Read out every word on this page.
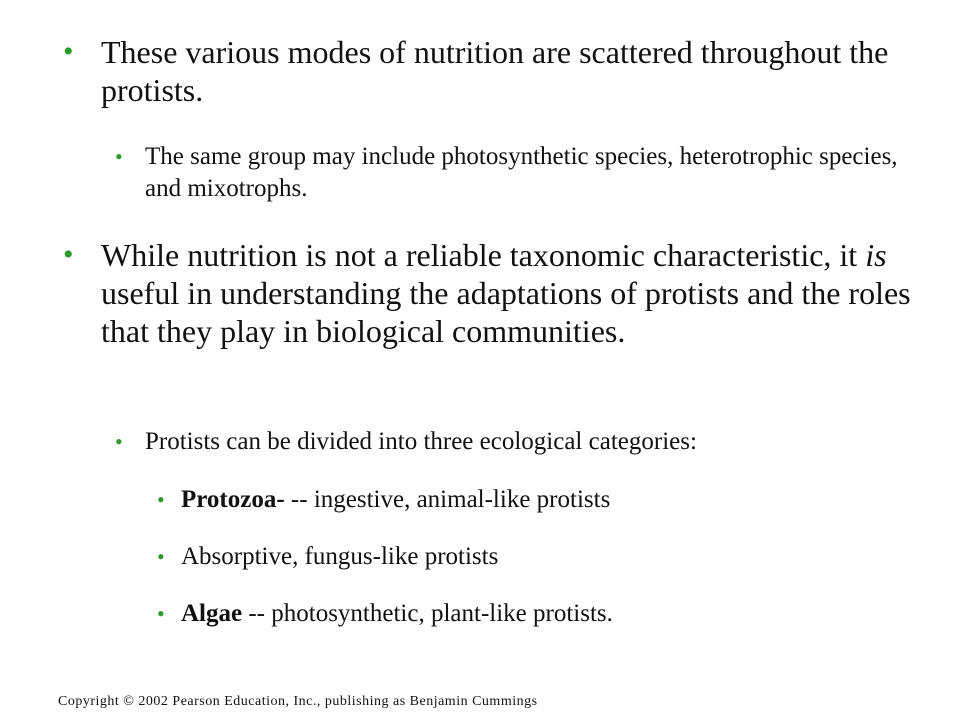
• These various modes of nutrition are scattered throughout the protists.

• The same group may include photosynthetic species, heterotrophic species, and mixotrophs.

• While nutrition is not a reliable taxonomic characteristic, it is useful in understanding the adaptations of protists and the roles that they play in biological communities.

• Protists can be divided into three ecological categories:

• Protozoa- -- ingestive, animal-like protists

• Absorptive, fungus-like protists

• Algae -- photosynthetic, plant-like protists.

Copyright © 2002 Pearson Education, Inc., publishing as Benjamin Cummings
